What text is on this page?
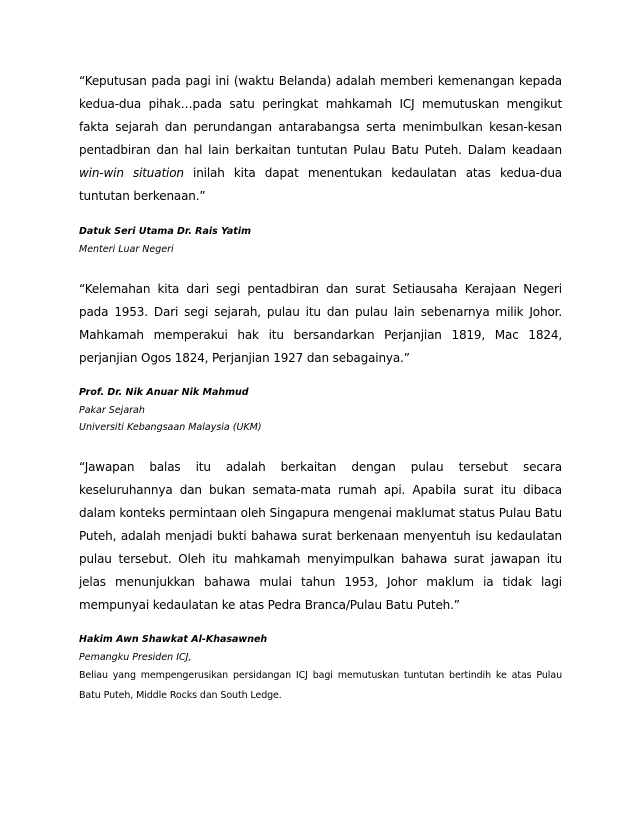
“Keputusan pada pagi ini (waktu Belanda) adalah memberi kemenangan kepada kedua-dua pihak…pada satu peringkat mahkamah ICJ memutuskan mengikut fakta sejarah dan perundangan antarabangsa serta menimbulkan kesan-kesan pentadbiran dan hal lain berkaitan tuntutan Pulau Batu Puteh. Dalam keadaan win-win situation inilah kita dapat menentukan kedaulatan atas kedua-dua tuntutan berkenaan.”

Datuk Seri Utama Dr. Rais Yatim

Menteri Luar Negeri

“Kelemahan kita dari segi pentadbiran dan surat Setiausaha Kerajaan Negeri pada 1953. Dari segi sejarah, pulau itu dan pulau lain sebenarnya milik Johor. Mahkamah memperakui hak itu bersandarkan Perjanjian 1819, Mac 1824, perjanjian Ogos 1824, Perjanjian 1927 dan sebagainya.”

Prof. Dr. Nik Anuar Nik Mahmud

Pakar Sejarah

Universiti Kebangsaan Malaysia (UKM)

“Jawapan balas itu adalah berkaitan dengan pulau tersebut secara keseluruhannya dan bukan semata-mata rumah api. Apabila surat itu dibaca dalam konteks permintaan oleh Singapura mengenai maklumat status Pulau Batu Puteh, adalah menjadi bukti bahawa surat berkenaan menyentuh isu kedaulatan pulau tersebut. Oleh itu mahkamah menyimpulkan bahawa surat jawapan itu jelas menunjukkan bahawa mulai tahun 1953, Johor maklum ia tidak lagi mempunyai kedaulatan ke atas Pedra Branca/Pulau Batu Puteh.”

Hakim Awn Shawkat Al-Khasawneh

Pemangku Presiden ICJ,

Beliau yang mempengerusikan persidangan ICJ bagi memutuskan tuntutan bertindih ke atas Pulau Batu Puteh, Middle Rocks dan South Ledge.
